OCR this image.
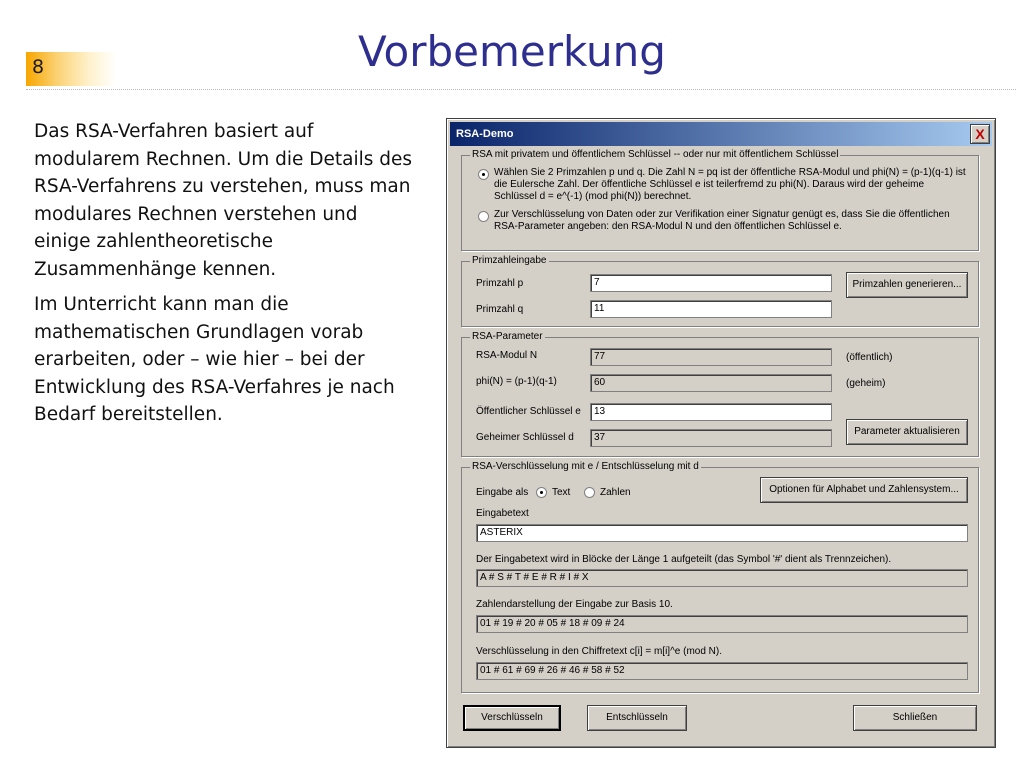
8	Vorbemerkung

Das RSA-Verfahren basiert auf modularem Rechnen. Um die Details des RSA-Verfahrens zu verstehen, muss man modulares Rechnen verstehen und einige zahlentheoretische Zusammenhänge kennen.

Im Unterricht kann man die mathematischen Grundlagen vorab erarbeiten, oder – wie hier – bei der Entwicklung des RSA-Verfahres je nach Bedarf bereitstellen.

RSA-Demo	X
RSA mit privatem und öffentlichem Schlüssel -- oder nur mit öffentlichem Schlüssel
Wählen Sie 2 Primzahlen p und q. Die Zahl N = pq ist der öffentliche RSA-Modul und phi(N) = (p-1)(q-1) ist die Eulersche Zahl. Der öffentliche Schlüssel e ist teilerfremd zu phi(N). Daraus wird der geheime Schlüssel d = e^(-1) (mod phi(N)) berechnet.
Zur Verschlüsselung von Daten oder zur Verifikation einer Signatur genügt es, dass Sie die öffentlichen RSA-Parameter angeben: den RSA-Modul N und den öffentlichen Schlüssel e.
Primzahleingabe
Primzahl p	7
Primzahl q	11
Primzahlen generieren...
RSA-Parameter
RSA-Modul N	77	(öffentlich)
phi(N) = (p-1)(q-1)	60	(geheim)
Öffentlicher Schlüssel e	13
Geheimer Schlüssel d	37
Parameter aktualisieren
RSA-Verschlüsselung mit e / Entschlüsselung mit d
Eingabe als Text	Zahlen	Optionen für Alphabet und Zahlensystem...
Eingabetext
ASTERIX
Der Eingabetext wird in Blöcke der Länge 1 aufgeteilt (das Symbol '#' dient als Trennzeichen).
A # S # T # E # R # I # X
Zahlendarstellung der Eingabe zur Basis 10.
01 # 19 # 20 # 05 # 18 # 09 # 24
Verschlüsselung in den Chiffretext c[i] = m[i]^e (mod N).
01 # 61 # 69 # 26 # 46 # 58 # 52
Verschlüsseln	Entschlüsseln	Schließen
